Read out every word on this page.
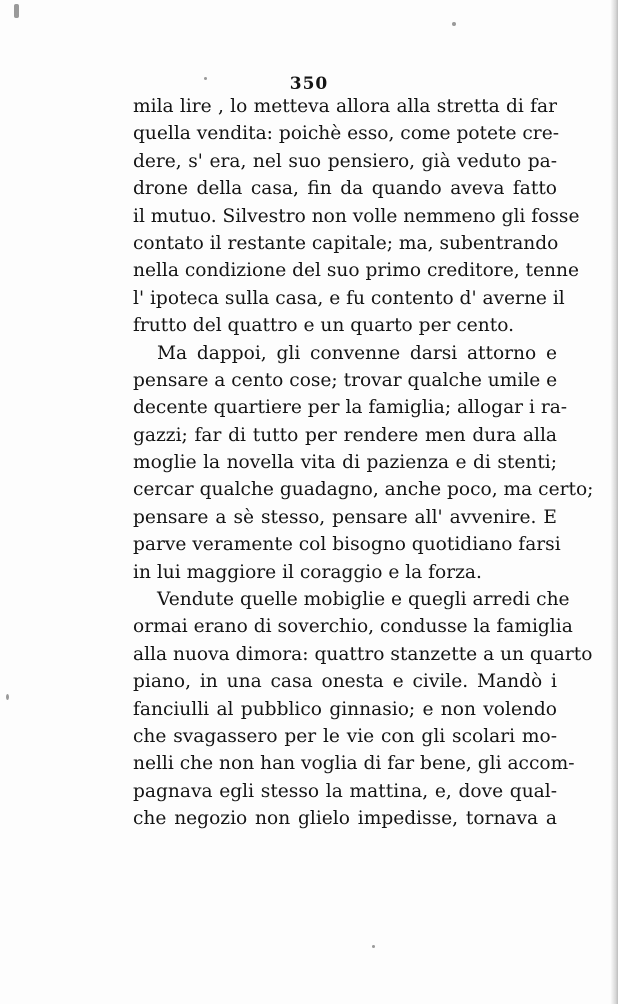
350
mila lire , lo metteva allora alla stretta di far
quella vendita: poichè esso, come potete cre-
dere, s' era, nel suo pensiero, già veduto pa-
drone della casa, fin da quando aveva fatto
il mutuo. Silvestro non volle nemmeno gli fosse
contato il restante capitale; ma, subentrando
nella condizione del suo primo creditore, tenne
l' ipoteca sulla casa, e fu contento d' averne il
frutto del quattro e un quarto per cento.
Ma dappoi, gli convenne darsi attorno e
pensare a cento cose; trovar qualche umile e
decente quartiere per la famiglia; allogar i ra-
gazzi; far di tutto per rendere men dura alla
moglie la novella vita di pazienza e di stenti;
cercar qualche guadagno, anche poco, ma certo;
pensare a sè stesso, pensare all' avvenire. E
parve veramente col bisogno quotidiano farsi
in lui maggiore il coraggio e la forza.
Vendute quelle mobiglie e quegli arredi che
ormai erano di soverchio, condusse la famiglia
alla nuova dimora: quattro stanzette a un quarto
piano, in una casa onesta e civile. Mandò i
fanciulli al pubblico ginnasio; e non volendo
che svagassero per le vie con gli scolari mo-
nelli che non han voglia di far bene, gli accom-
pagnava egli stesso la mattina, e, dove qual-
che negozio non glielo impedisse, tornava a
